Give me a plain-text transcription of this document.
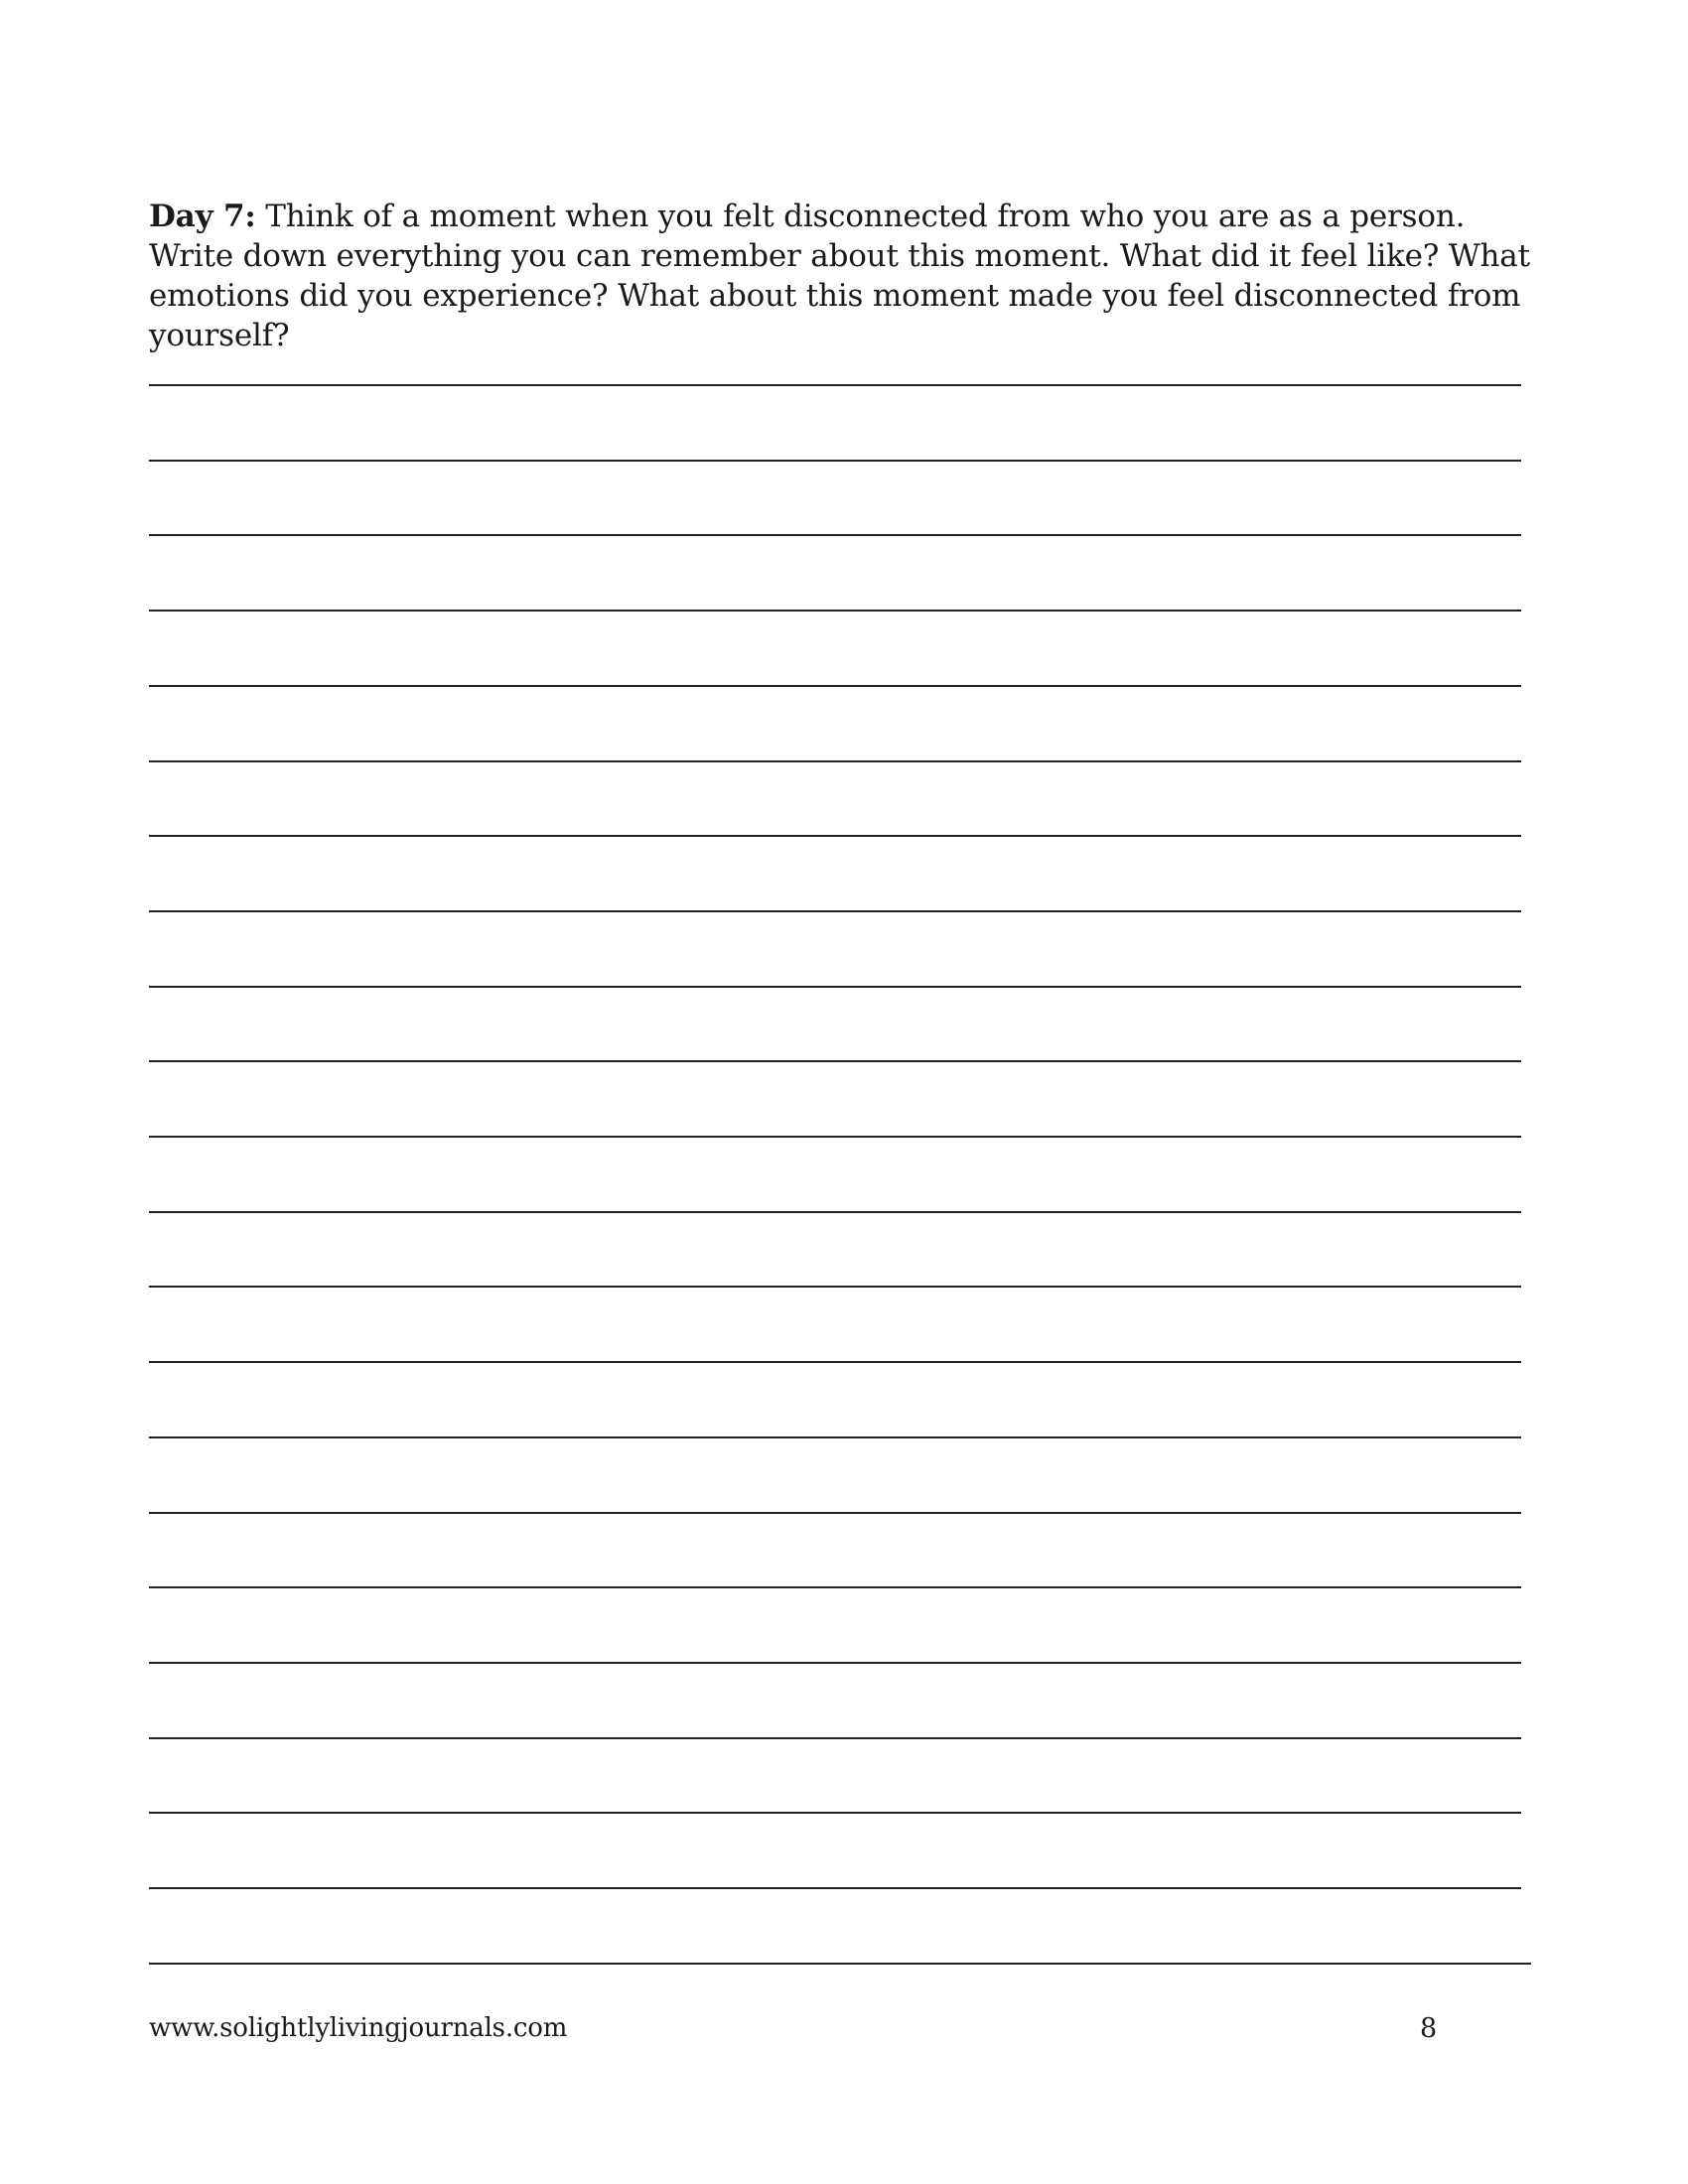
Day 7: Think of a moment when you felt disconnected from who you are as a person. Write down everything you can remember about this moment. What did it feel like? What emotions did you experience? What about this moment made you feel disconnected from yourself?

www.solightlylivingjournals.com	8
